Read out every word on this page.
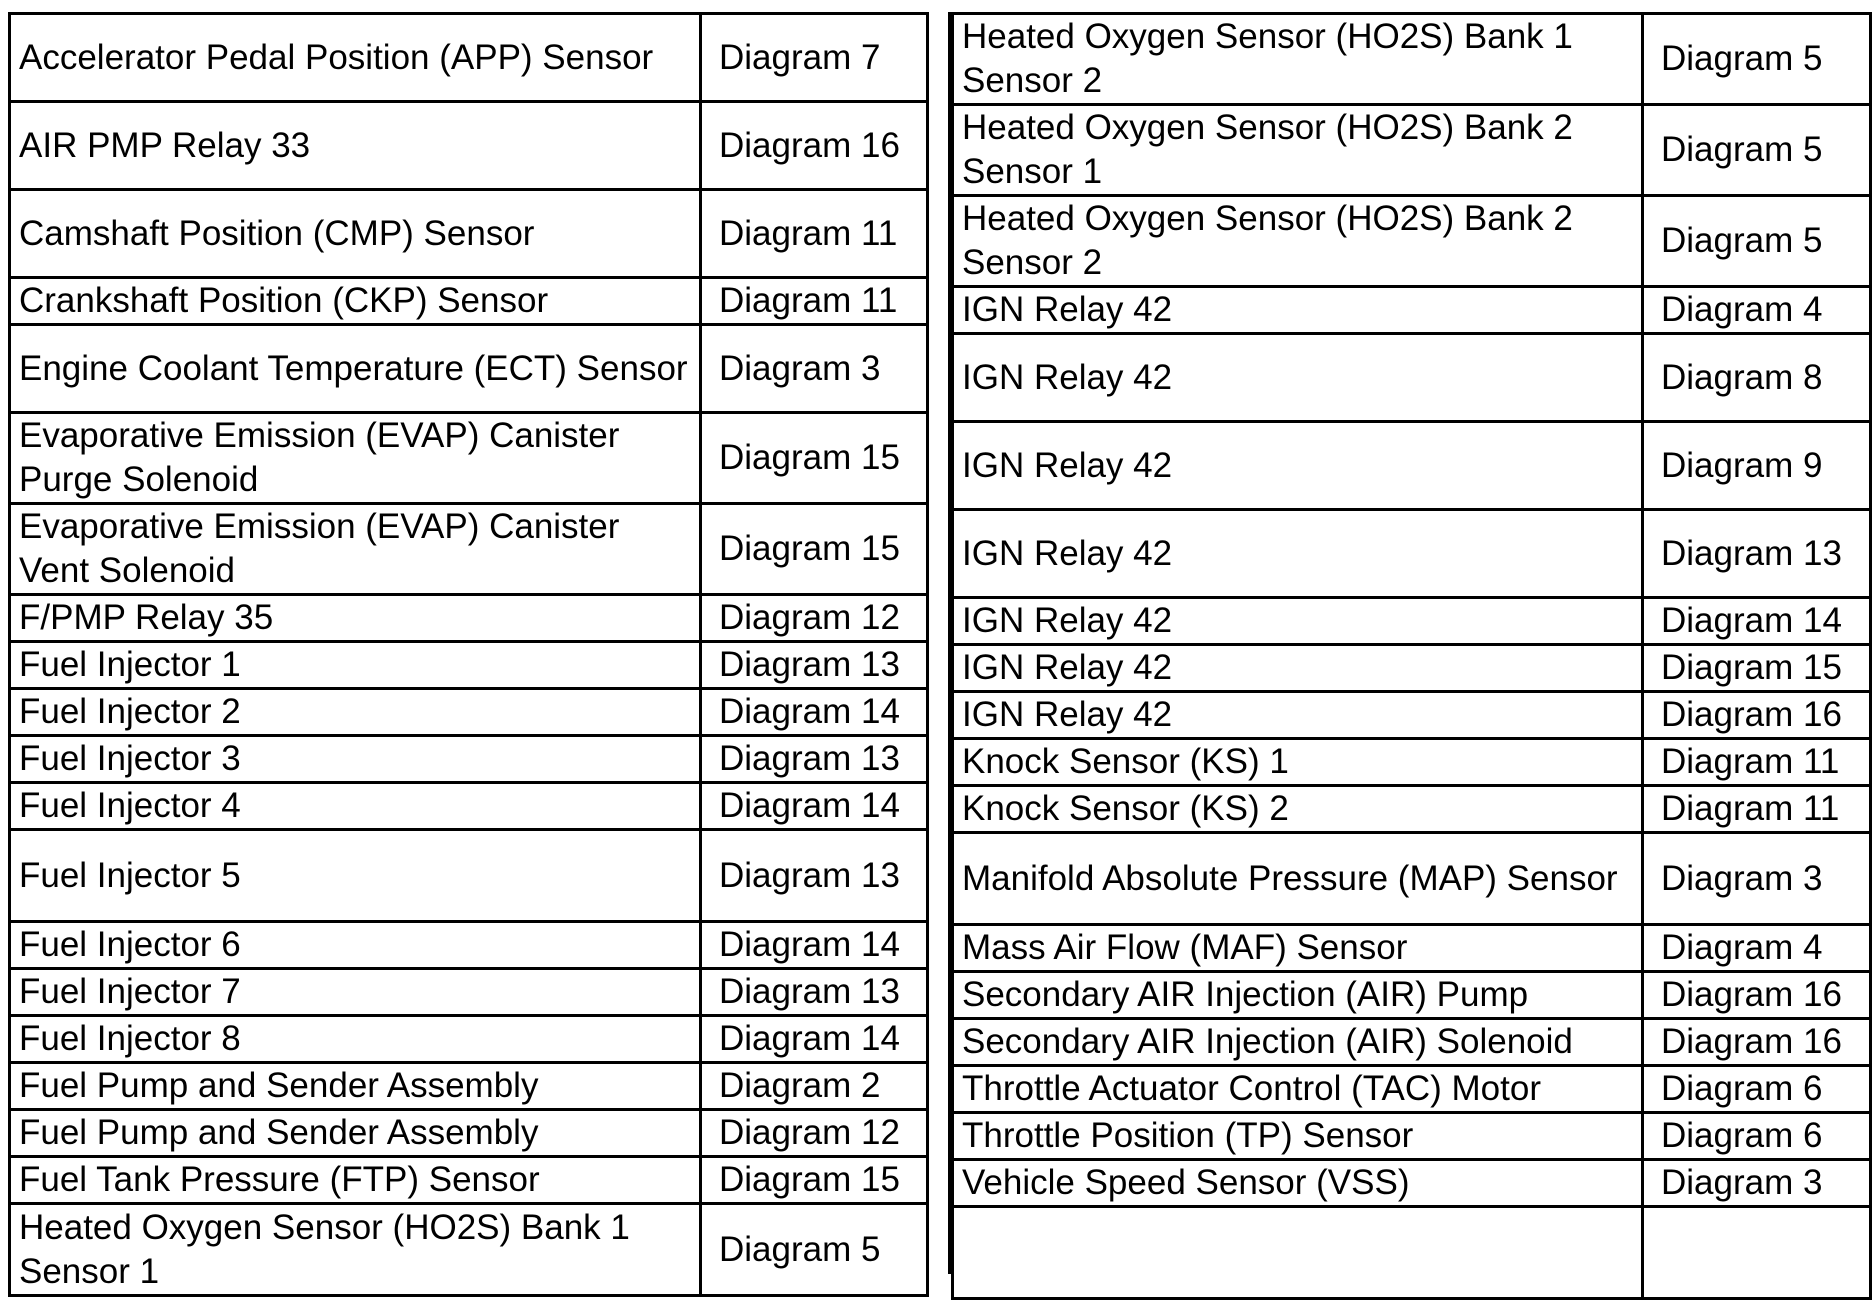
Accelerator Pedal Position (APP) Sensor	Diagram 7
AIR PMP Relay 33	Diagram 16
Camshaft Position (CMP) Sensor	Diagram 11
Crankshaft Position (CKP) Sensor	Diagram 11
Engine Coolant Temperature (ECT) Sensor	Diagram 3
Evaporative Emission (EVAP) Canister Purge Solenoid	Diagram 15
Evaporative Emission (EVAP) Canister Vent Solenoid	Diagram 15
F/PMP Relay 35	Diagram 12
Fuel Injector 1	Diagram 13
Fuel Injector 2	Diagram 14
Fuel Injector 3	Diagram 13
Fuel Injector 4	Diagram 14
Fuel Injector 5	Diagram 13
Fuel Injector 6	Diagram 14
Fuel Injector 7	Diagram 13
Fuel Injector 8	Diagram 14
Fuel Pump and Sender Assembly	Diagram 2
Fuel Pump and Sender Assembly	Diagram 12
Fuel Tank Pressure (FTP) Sensor	Diagram 15
Heated Oxygen Sensor (HO2S) Bank 1 Sensor 1	Diagram 5
Heated Oxygen Sensor (HO2S) Bank 1 Sensor 2	Diagram 5
Heated Oxygen Sensor (HO2S) Bank 2 Sensor 1	Diagram 5
Heated Oxygen Sensor (HO2S) Bank 2 Sensor 2	Diagram 5
IGN Relay 42	Diagram 4
IGN Relay 42	Diagram 8
IGN Relay 42	Diagram 9
IGN Relay 42	Diagram 13
IGN Relay 42	Diagram 14
IGN Relay 42	Diagram 15
IGN Relay 42	Diagram 16
Knock Sensor (KS) 1	Diagram 11
Knock Sensor (KS) 2	Diagram 11
Manifold Absolute Pressure (MAP) Sensor	Diagram 3
Mass Air Flow (MAF) Sensor	Diagram 4
Secondary AIR Injection (AIR) Pump	Diagram 16
Secondary AIR Injection (AIR) Solenoid	Diagram 16
Throttle Actuator Control (TAC) Motor	Diagram 6
Throttle Position (TP) Sensor	Diagram 6
Vehicle Speed Sensor (VSS)	Diagram 3
